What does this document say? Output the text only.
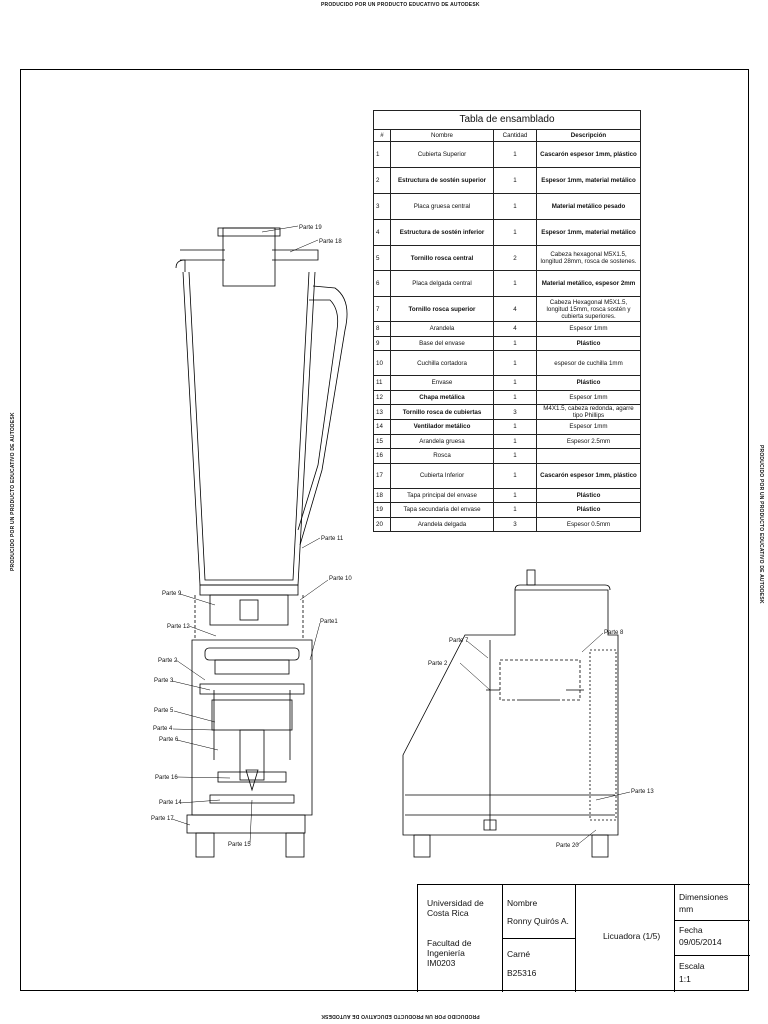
PRODUCIDO POR UN PRODUCTO EDUCATIVO DE AUTODESK
PRODUCIDO POR UN PRODUCTO EDUCATIVO DE AUTODESK
PRODUCIDO POR UN PRODUCTO EDUCATIVO DE AUTODESK	PRODUCIDO POR UN PRODUCTO EDUCATIVO DE AUTODESK
Tabla de ensamblado
#	Nombre	Cantidad	Descripción
1	Cubierta Superior	1	Cascarón espesor 1mm, plástico
2	Estructura de sostén superior	1	Espesor 1mm, material metálico
3	Placa gruesa central	1	Material metálico pesado
4	Estructura de sostén inferior	1	Espesor 1mm, material metálico
5	Tornillo rosca central	2	Cabeza hexagonal M5X1.5, longitud 28mm, rosca de sostenes.
6	Placa delgada central	1	Material metálico, espesor 2mm
7	Tornillo rosca superior	4	Cabeza Hexagonal M5X1.5, longitud 15mm, rosca sostén y cubierta superiores.
8	Arandela	4	Espesor 1mm
9	Base del envase	1	Plástico
10	Cuchilla cortadora	1	espesor de cuchilla 1mm
11	Envase	1	Plástico
12	Chapa metálica	1	Espesor 1mm
13	Tornillo rosca de cubiertas	3	M4X1.5, cabeza redonda, agarre tipo Phillips
14	Ventilador metálico	1	Espesor 1mm
15	Arandela gruesa	1	Espesor 2.5mm
16	Rosca	1	
17	Cubierta Inferior	1	Cascarón espesor 1mm, plástico
18	Tapa principal del envase	1	Plástico
19	Tapa secundaria del envase	1	Plástico
20	Arandela delgada	3	Espesor 0.5mm
Parte 19
Parte 18
Parte 11
Parte 10
Parte 9
Parte 12
Parte1
Parte 2
Parte 3
Parte 5
Parte 4
Parte 6
Parte 16
Parte 14
Parte 17
Parte 15
Parte 7
Parte 8
Parte 2
Parte 13
Parte 20
Universidad de Costa Rica
Facultad de Ingeniería
IM0203
Nombre
Ronny Quirós A.
Carné
B25316
Licuadora (1/5)
Dimensiones
mm
Fecha
09/05/2014
Escala
1:1
